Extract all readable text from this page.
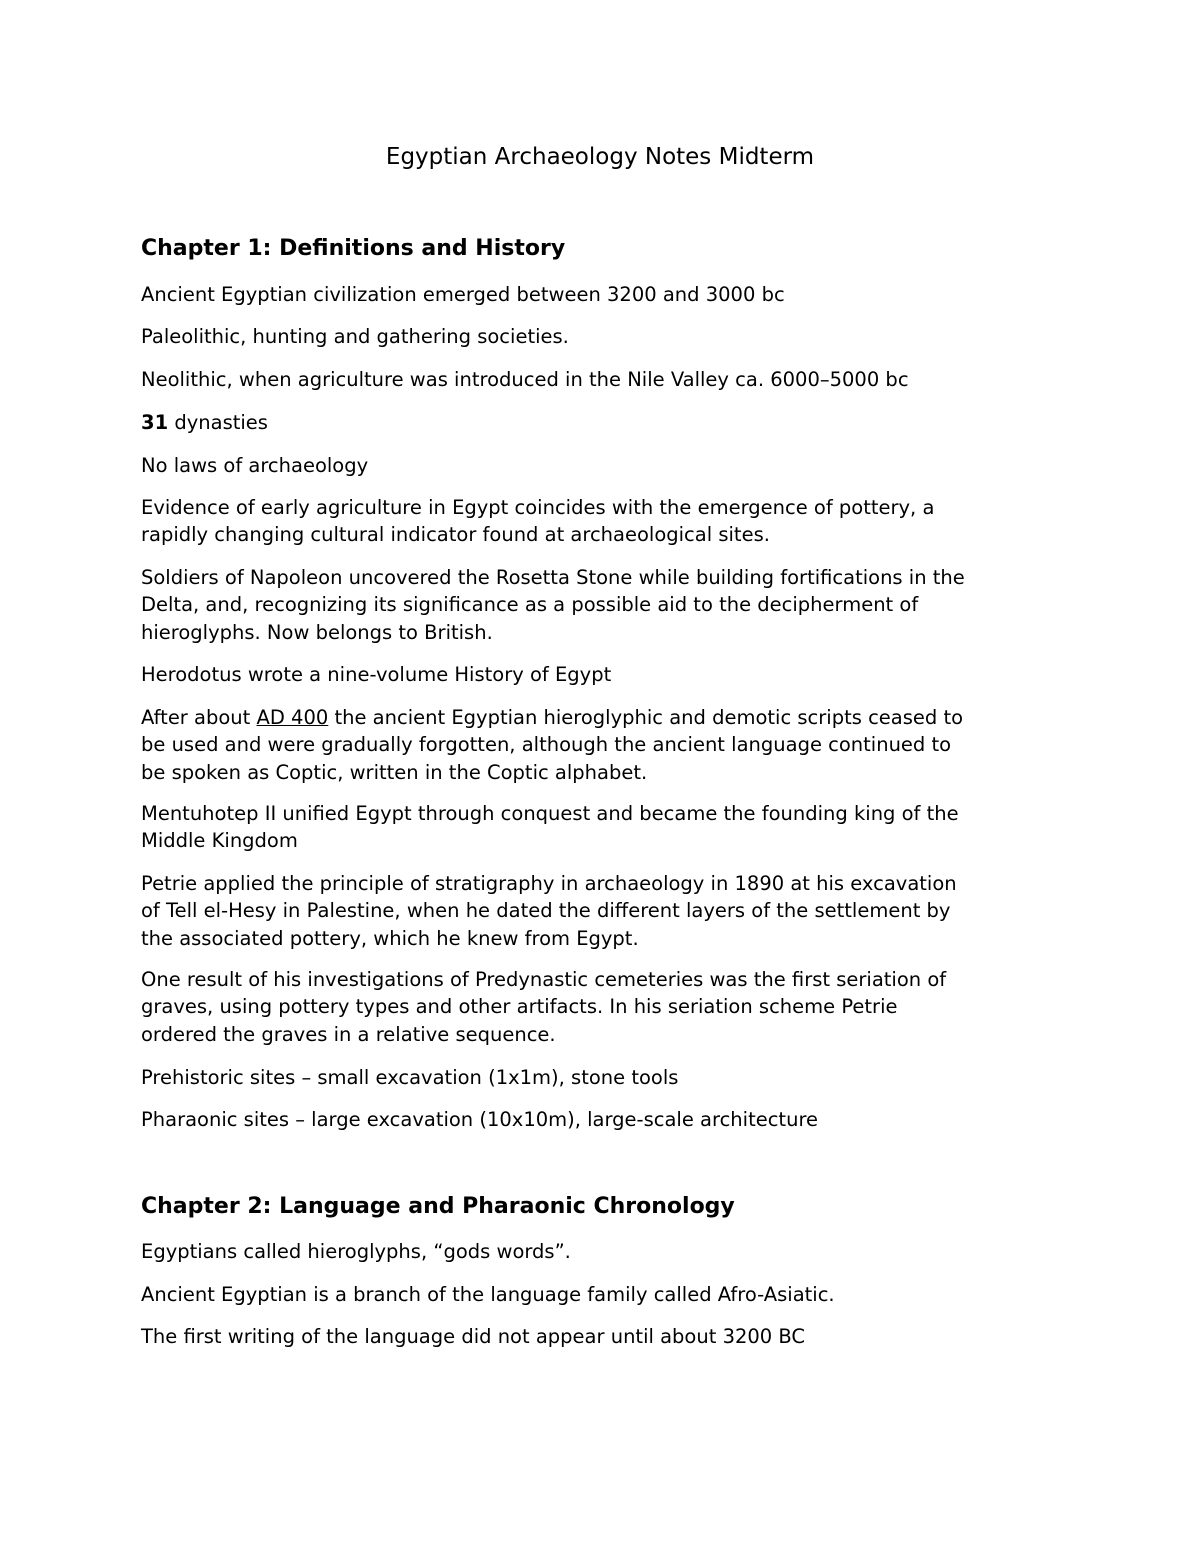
Egyptian Archaeology Notes Midterm
Chapter 1: Definitions and History

Ancient Egyptian civilization emerged between 3200 and 3000 bc

Paleolithic, hunting and gathering societies.

Neolithic, when agriculture was introduced in the Nile Valley ca. 6000–5000 bc

31 dynasties

No laws of archaeology

Evidence of early agriculture in Egypt coincides with the emergence of pottery, a
rapidly changing cultural indicator found at archaeological sites.

Soldiers of Napoleon uncovered the Rosetta Stone while building fortifications in the
Delta, and, recognizing its significance as a possible aid to the decipherment of
hieroglyphs. Now belongs to British.

Herodotus wrote a nine-volume History of Egypt

After about AD 400 the ancient Egyptian hieroglyphic and demotic scripts ceased to
be used and were gradually forgotten, although the ancient language continued to
be spoken as Coptic, written in the Coptic alphabet.

Mentuhotep II unified Egypt through conquest and became the founding king of the
Middle Kingdom

Petrie applied the principle of stratigraphy in archaeology in 1890 at his excavation
of Tell el-Hesy in Palestine, when he dated the different layers of the settlement by
the associated pottery, which he knew from Egypt.

One result of his investigations of Predynastic cemeteries was the first seriation of
graves, using pottery types and other artifacts. In his seriation scheme Petrie
ordered the graves in a relative sequence.

Prehistoric sites – small excavation (1x1m), stone tools

Pharaonic sites – large excavation (10x10m), large-scale architecture

Chapter 2: Language and Pharaonic Chronology

Egyptians called hieroglyphs, “gods words”.

Ancient Egyptian is a branch of the language family called Afro-Asiatic.

The first writing of the language did not appear until about 3200 BC
